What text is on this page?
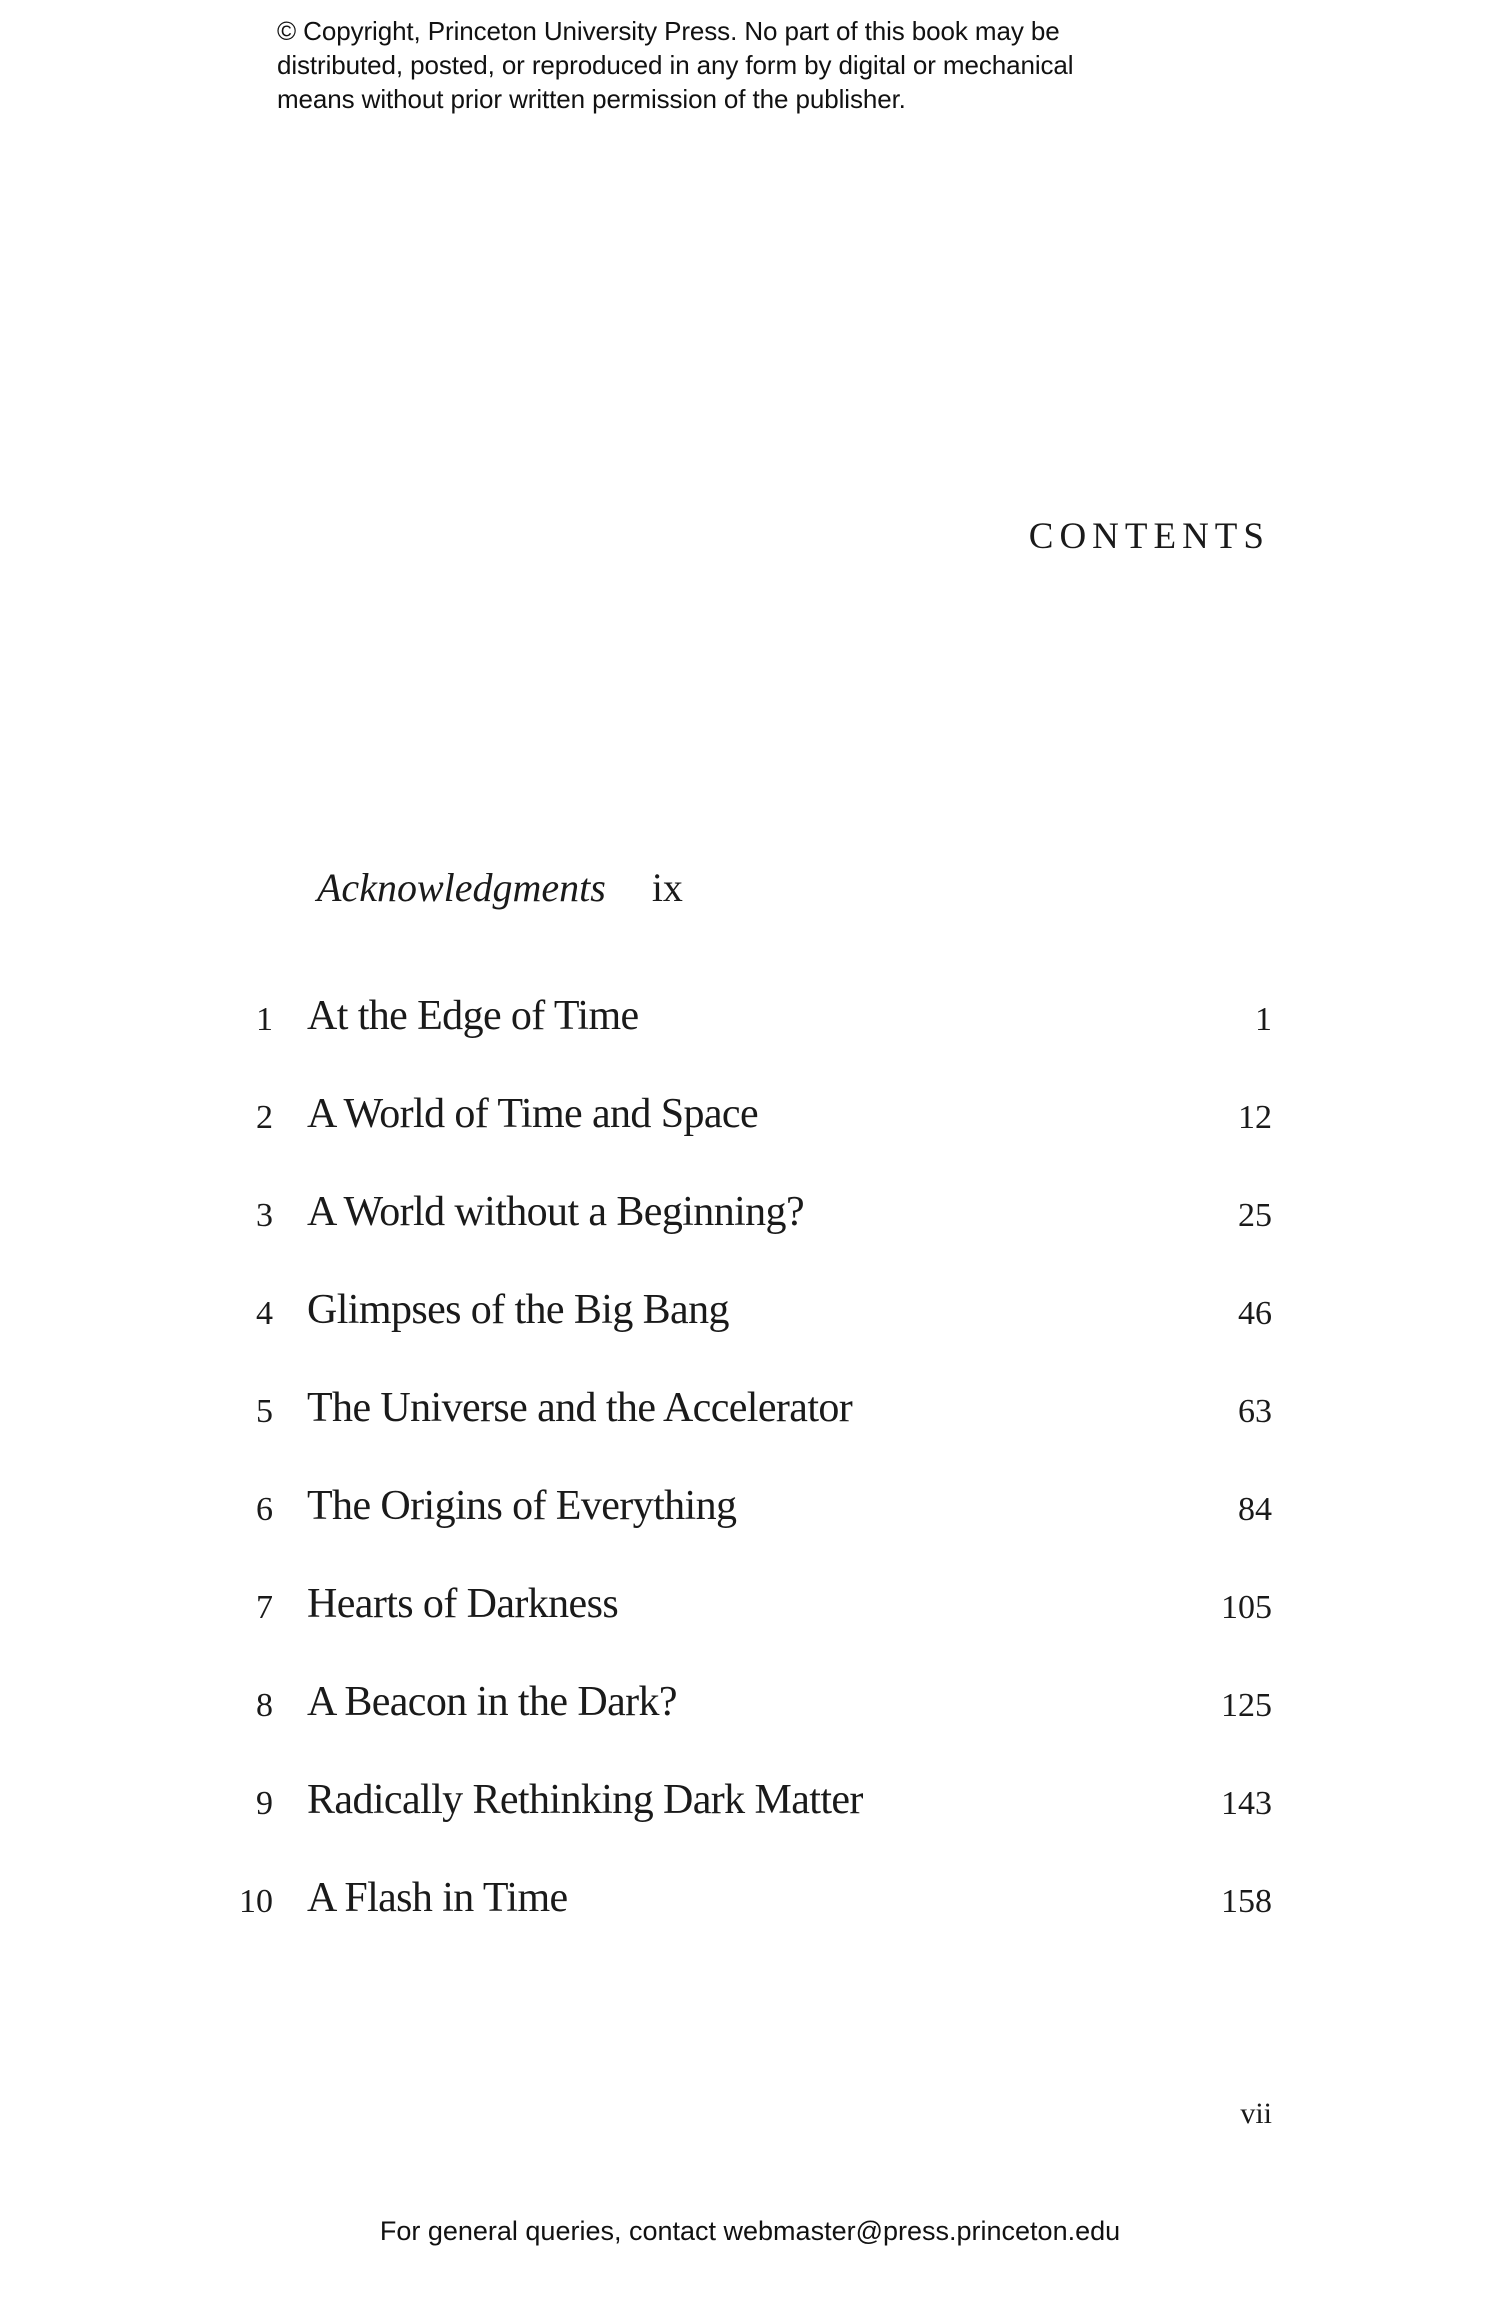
© Copyright, Princeton University Press. No part of this book may be
distributed, posted, or reproduced in any form by digital or mechanical
means without prior written permission of the publisher.
CONTENTS
Acknowledgments ix
1 At the Edge of Time	1
2 A World of Time and Space	12
3 A World without a Beginning?	25
4 Glimpses of the Big Bang	46
5 The Universe and the Accelerator	63
6 The Origins of Everything	84
7 Hearts of Darkness	105
8 A Beacon in the Dark?	125
9 Radically Rethinking Dark Matter	143
10 A Flash in Time	158
vii
For general queries, contact webmaster@press.princeton.edu
